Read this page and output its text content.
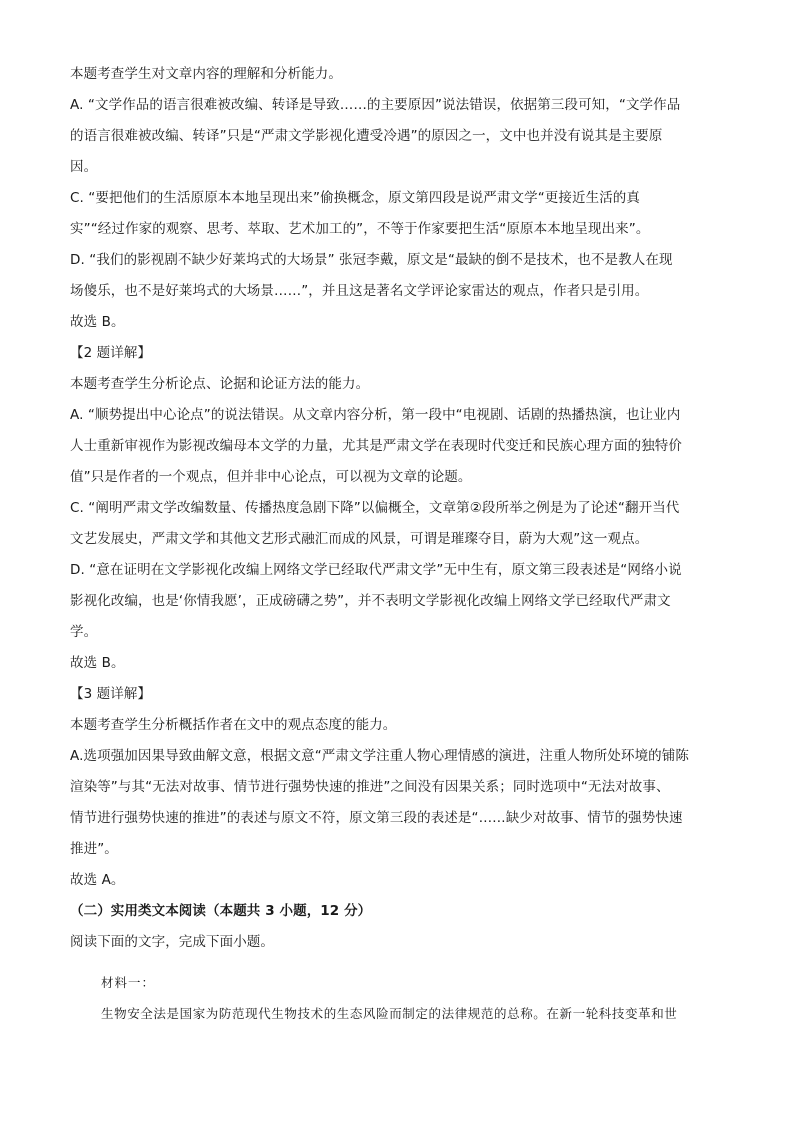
本题考查学生对文章内容的理解和分析能力。
A. “文学作品的语言很难被改编、转译是导致……的主要原因”说法错误，依据第三段可知，“文学作品
的语言很难被改编、转译”只是“严肃文学影视化遭受冷遇”的原因之一，文中也并没有说其是主要原
因。
C. “要把他们的生活原原本本地呈现出来”偷换概念，原文第四段是说严肃文学“更接近生活的真
实”“经过作家的观察、思考、萃取、艺术加工的”，不等于作家要把生活“原原本本地呈现出来”。
D. “我们的影视剧不缺少好莱坞式的大场景” 张冠李戴，原文是“最缺的倒不是技术，也不是教人在现
场傻乐，也不是好莱坞式的大场景……”，并且这是著名文学评论家雷达的观点，作者只是引用。
故选 B。
【2 题详解】
本题考查学生分析论点、论据和论证方法的能力。
A. “顺势提出中心论点”的说法错误。从文章内容分析，第一段中“电视剧、话剧的热播热演，也让业内
人士重新审视作为影视改编母本文学的力量，尤其是严肃文学在表现时代变迁和民族心理方面的独特价
值”只是作者的一个观点，但并非中心论点，可以视为文章的论题。
C. “阐明严肃文学改编数量、传播热度急剧下降”以偏概全，文章第②段所举之例是为了论述“翻开当代
文艺发展史，严肃文学和其他文艺形式融汇而成的风景，可谓是璀璨夺目，蔚为大观”这一观点。
D. “意在证明在文学影视化改编上网络文学已经取代严肃文学”无中生有，原文第三段表述是“网络小说
影视化改编，也是‘你情我愿’，正成磅礴之势”，并不表明文学影视化改编上网络文学已经取代严肃文
学。
故选 B。
【3 题详解】
本题考查学生分析概括作者在文中的观点态度的能力。
A.选项强加因果导致曲解文意，根据文意“严肃文学注重人物心理情感的演进，注重人物所处环境的铺陈
渲染等”与其“无法对故事、情节进行强势快速的推进”之间没有因果关系；同时选项中“无法对故事、
情节进行强势快速的推进”的表述与原文不符，原文第三段的表述是“……缺少对故事、情节的强势快速
推进”。
故选 A。
（二）实用类文本阅读（本题共 3 小题，12 分）
阅读下面的文字，完成下面小题。
材料一：
生物安全法是国家为防范现代生物技术的生态风险而制定的法律规范的总称。在新一轮科技变革和世
